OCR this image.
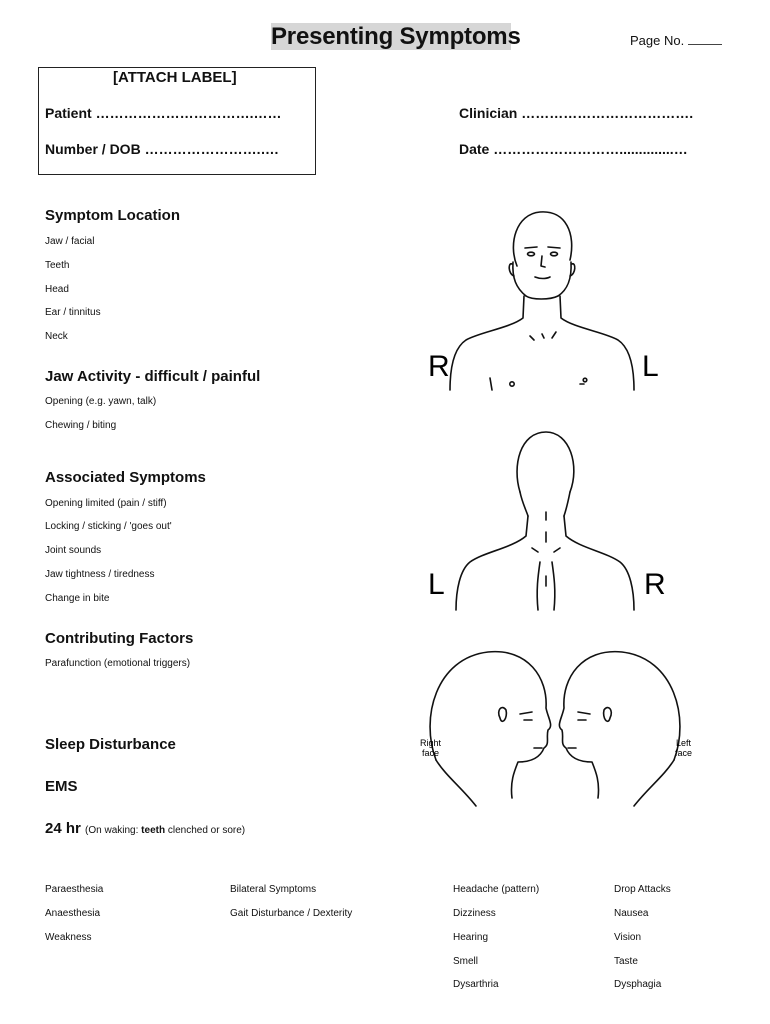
Presenting Symptoms	Page No.
[ATTACH LABEL]
Patient …………………………….……
Number / DOB …………………….….
Clinician ……………………………….
Date ………………………..............…
Symptom Location
Jaw / facial
Teeth
Head
Ear / tinnitus
Neck
Jaw Activity - difficult / painful
Opening (e.g. yawn, talk)
Chewing / biting
Associated Symptoms
Opening limited (pain / stiff)
Locking / sticking / 'goes out'
Joint sounds
Jaw tightness / tiredness
Change in bite
Contributing Factors
Parafunction (emotional triggers)
Sleep Disturbance
EMS
24 hr (On waking: teeth clenched or sore)
R	L
L	R
Right
face
Left
face
Paraesthesia
Anaesthesia
Weakness
Bilateral Symptoms
Gait Disturbance / Dexterity
Headache (pattern)
Dizziness
Hearing
Smell
Dysarthria
Drop Attacks
Nausea
Vision
Taste
Dysphagia
